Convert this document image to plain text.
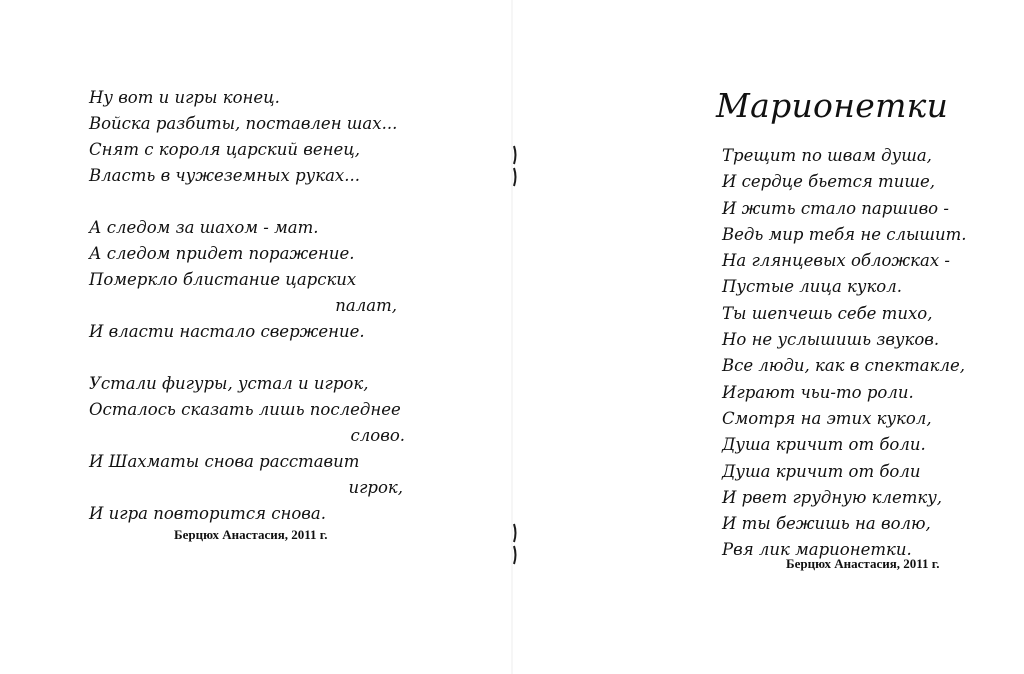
Ну вот и игры конец.
Войска разбиты, поставлен шах...
Снят с короля царский венец,
Власть в чужеземных руках...
А следом за шахом - мат.
А следом придет поражение.
Померкло блистание царских
палат,
И власти настало свержение.
Устали фигуры, устал и игрок,
Осталось сказать лишь последнее
слово.
И Шахматы снова расставит
игрок,
И игра повторится снова.
Берцюх Анастасия, 2011 г.
Марионетки
Трещит по швам душа,
И сердце бьется тише,
И жить стало паршиво -
Ведь мир тебя не слышит.
На глянцевых обложках -
Пустые лица кукол.
Ты шепчешь себе тихо,
Но не услышишь звуков.
Все люди, как в спектакле,
Играют чьи-то роли.
Смотря на этих кукол,
Душа кричит от боли.
Душа кричит от боли
И рвет грудную клетку,
И ты бежишь на волю,
Рвя лик марионетки.
Берцюх Анастасия, 2011 г.
